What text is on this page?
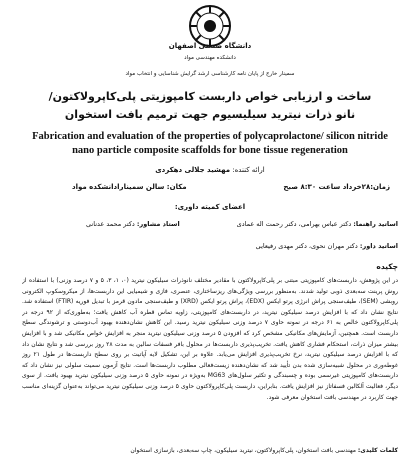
دانشگاه صنعتی اصفهان
دانشکده مهندسی مواد
سمینار خارج از پایان نامه کارشناسی ارشد گرایش شناسایی و انتخاب مواد
ساخت و ارزیابی خواص داربست کامپوزیتی پلی‌کاپرولاکتون/ نانو ذرات نیترید سیلیسیوم جهت ترمیم بافت استخوان
Fabrication and evaluation of the properties of polycaprolactone/ silicon nitride nano particle composite scaffolds for bone tissue regeneration
ارائه کننده: مهشید جلالی دهکردی
زمان:۲۸خرداد ساعت ۸:۳۰ صبح
مکان: سالن سمینارادانشکده مواد
اعضای کمیته داوری:
اساتید راهنما: دکتر عباس بهرامی، دکتر رحمت اله عمادی
استاد مشاور: دکتر محمد عدنانی
اساتید داور: دکتر مهران نحوی، دکتر مهدی رفیعایی
چکیده
در این پژوهش، داربست‌های کامپوزیتی مبتنی بر پلی‌کاپرولاکتون با مقادیر مختلف نانوذرات سیلیکون نیترید (۰، ۱، ۳، ۵ و ۷ درصد وزنی) با استفاده از روش پرینت سه‌بعدی ذوبی تولید شدند. به‌منظور بررسی ویژگی‌های ریزساختاری، عنصری، فازی و شیمیایی این داربست‌ها، از میکروسکوپ الکترونی روبشی (SEM)، طیف‌سنجی پراش انرژی پرتو ایکس (EDX)، پراش پرتو ایکس (XRD) و طیف‌سنجی مادون قرمز با تبدیل فوریه (FTIR) استفاده شد. نتایج نشان داد که با افزایش درصد سیلیکون نیترید، در داربست‌های کامپوزیتی، زاویه تماس قطره آب کاهش یافت؛ به‌طوری‌که از ۹۲ درجه در پلی‌کاپرولاکتون خالص به ۶۱ درجه در نمونه حاوی ۷ درصد وزنی سیلیکون نیترید رسید. این کاهش نشان‌دهنده بهبود آب‌دوستی و ترشوندگی سطح داربست است. همچنین، آزمایش‌های مکانیکی مشخص کرد که افزودن ۵ درصد وزنی سیلیکون نیترید منجر به افزایش خواص مکانیکی شد و با افزایش بیشتر میزان ذرات، استحکام فشاری کاهش یافت. تخریب‌پذیری داربست‌ها در محلول بافر فسفات سالین به مدت ۲۸ روز بررسی شد و نتایج نشان داد که با افزایش درصد سیلیکون نیترید، نرخ تخریب‌پذیری افزایش می‌یابد. علاوه بر این، تشکیل لایه آپاتیت بر روی سطح داربست‌ها در طول ۲۱ روز غوطه‌وری در محلول شبیه‌سازی شده بدن تأیید شد که نشان‌دهنده زیست‌فعالی مطلوب داربست‌ها است. نتایج آزمون سمیت سلولی نیز نشان داد که داربست‌های کامپوزیتی غیرسمی بوده و چسبندگی و تکثیر سلول‌های MG63 به‌ویژه در نمونه حاوی ۵ درصد وزنی سیلیکون نیترید بهبود یافت. از سوی دیگر، فعالیت آلکالین فسفاتاز نیز افزایش یافت. بنابراین، داربست پلی‌کاپرولاکتون حاوی ۵ درصد وزنی سیلیکون نیترید می‌تواند به‌عنوان گزینه‌ای مناسب جهت کاربرد در مهندسی بافت استخوان معرفی شود.
کلمات کلیدی: مهندسی بافت استخوان، پلی‌کاپرولاکتون، نیترید سیلیکون، چاپ سه‌بعدی، بازسازی استخوان
